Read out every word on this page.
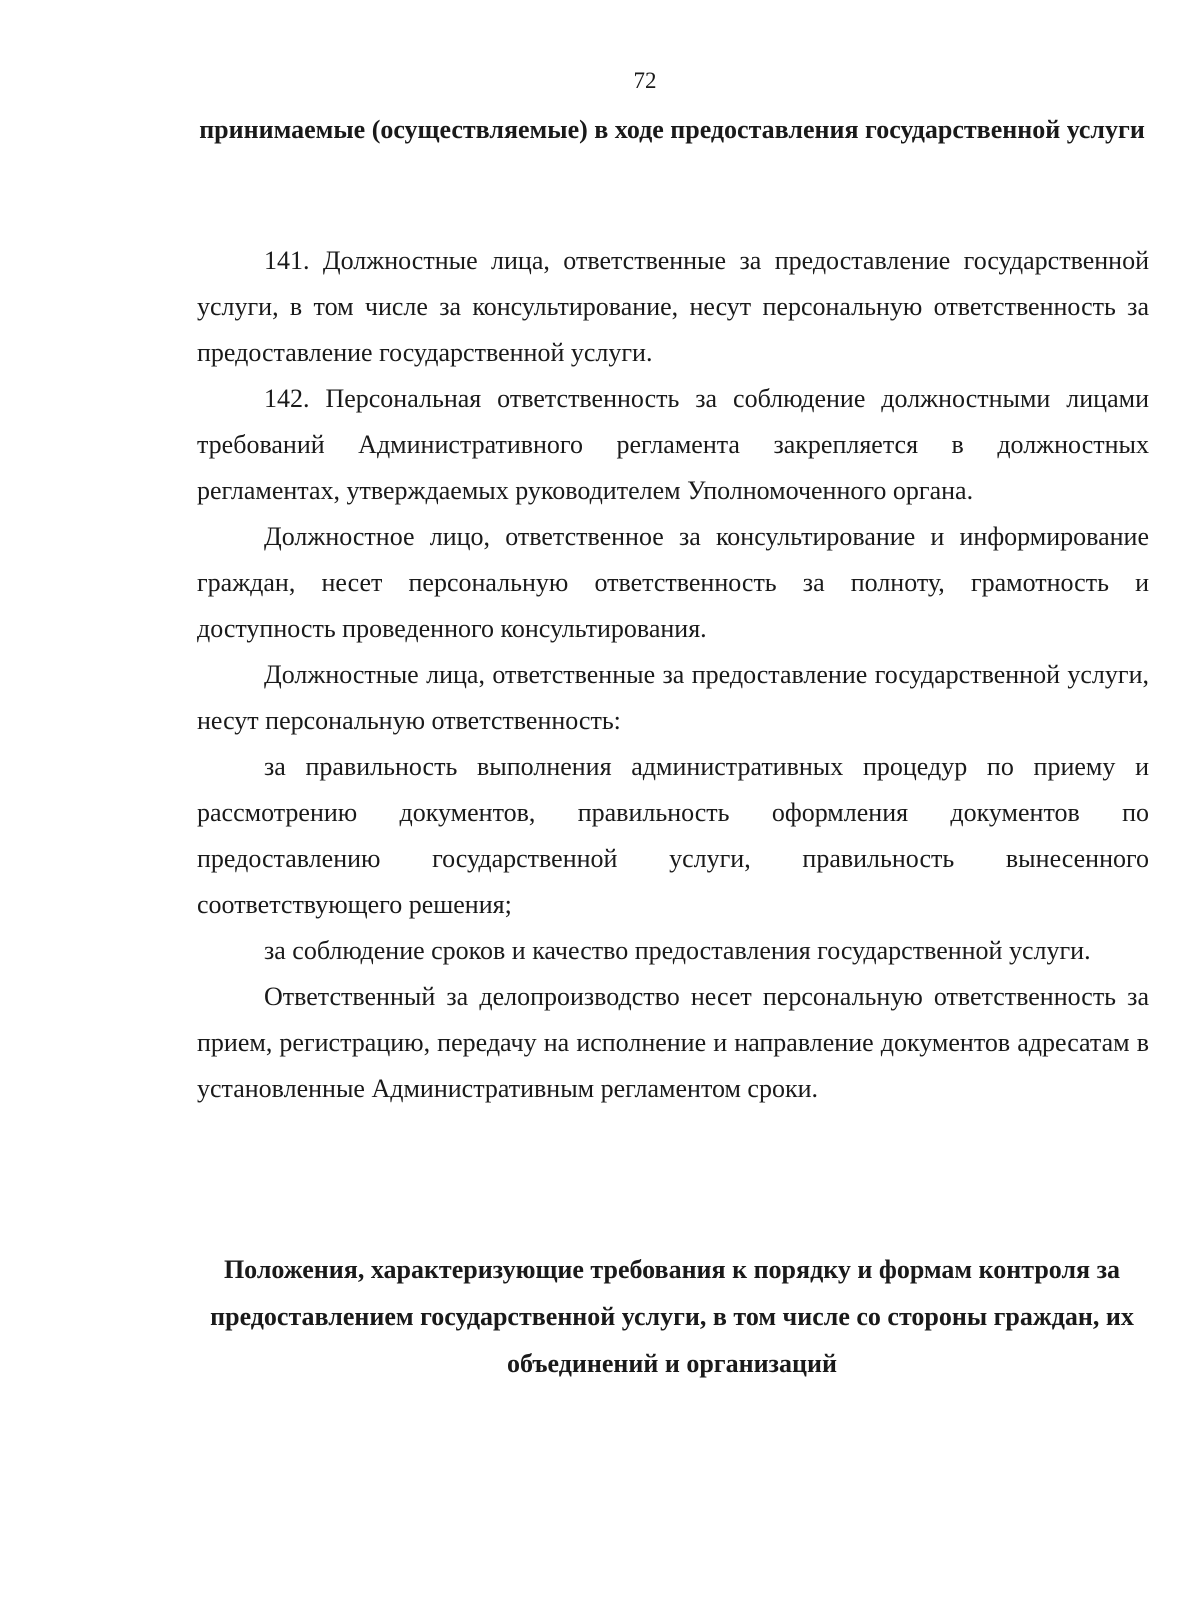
72
принимаемые (осуществляемые) в ходе предоставления государственной услуги

141. Должностные лица, ответственные за предоставление государственной услуги, в том числе за консультирование, несут персональную ответственность за предоставление государственной услуги.

142. Персональная ответственность за соблюдение должностными лицами требований Административного регламента закрепляется в должностных регламентах, утверждаемых руководителем Уполномоченного органа.

Должностное лицо, ответственное за консультирование и информирование граждан, несет персональную ответственность за полноту, грамотность и доступность проведенного консультирования.

Должностные лица, ответственные за предоставление государственной услуги, несут персональную ответственность:

за правильность выполнения административных процедур по приему и рассмотрению документов, правильность оформления документов по предоставлению государственной услуги, правильность вынесенного соответствующего решения;

за соблюдение сроков и качество предоставления государственной услуги.

Ответственный за делопроизводство несет персональную ответственность за прием, регистрацию, передачу на исполнение и направление документов адресатам в установленные Административным регламентом сроки.

Положения, характеризующие требования к порядку и формам контроля за предоставлением государственной услуги, в том числе со стороны граждан, их объединений и организаций
